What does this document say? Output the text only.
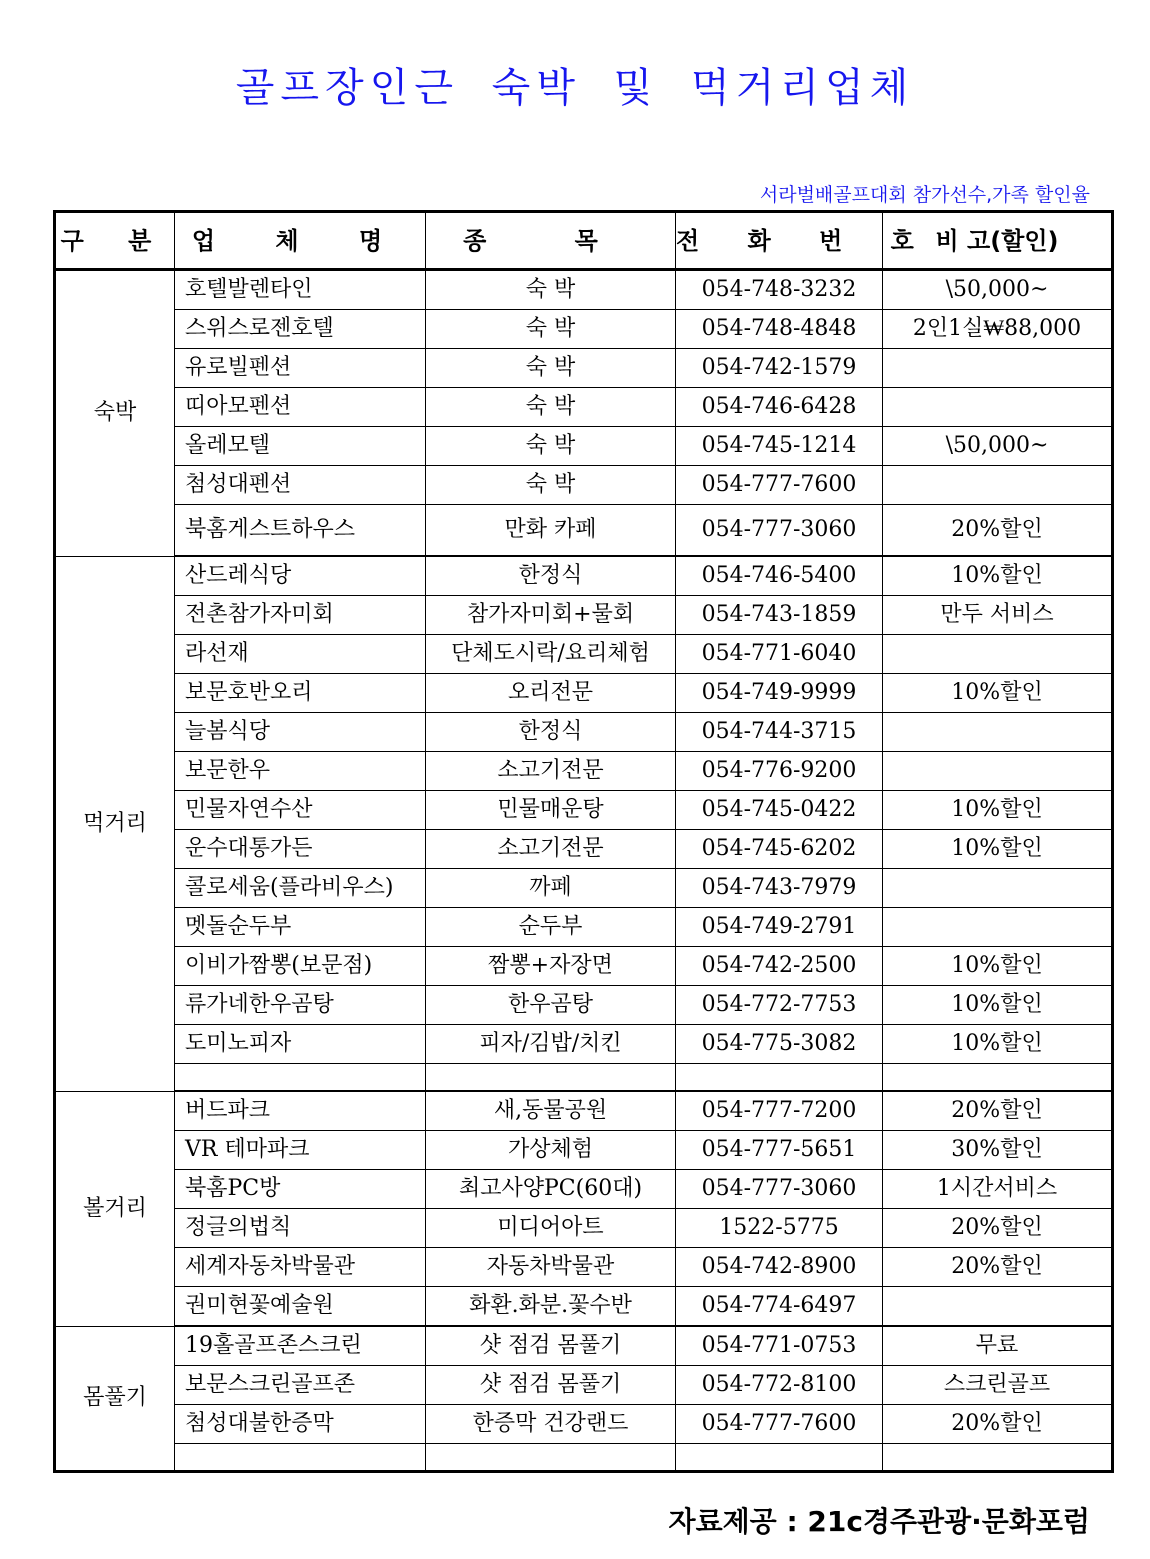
골프장인근 숙박 및 먹거리업체
서라벌배골프대회 참가선수,가족 할인율
구 분	업 체 명	종 목	전 화 번 호	비 고(할인)
숙박	호텔발렌타인	숙 박	054-748-3232	\50,000~
	스위스로젠호텔	숙 박	054-748-4848	2인1실₩88,000
	유로빌펜션	숙 박	054-742-1579	
	띠아모펜션	숙 박	054-746-6428	
	올레모텔	숙 박	054-745-1214	\50,000~
	첨성대펜션	숙 박	054-777-7600	
	북홈게스트하우스	만화 카페	054-777-3060	20%할인
먹거리	산드레식당	한정식	054-746-5400	10%할인
	전촌참가자미회	참가자미회+물회	054-743-1859	만두 서비스
	라선재	단체도시락/요리체험	054-771-6040	
	보문호반오리	오리전문	054-749-9999	10%할인
	늘봄식당	한정식	054-744-3715	
	보문한우	소고기전문	054-776-9200	
	민물자연수산	민물매운탕	054-745-0422	10%할인
	운수대통가든	소고기전문	054-745-6202	10%할인
	콜로세움(플라비우스)	까페	054-743-7979	
	멧돌순두부	순두부	054-749-2791	
	이비가짬뽕(보문점)	짬뽕+자장면	054-742-2500	10%할인
	류가네한우곰탕	한우곰탕	054-772-7753	10%할인
	도미노피자	피자/김밥/치킨	054-775-3082	10%할인

볼거리	버드파크	새,동물공원	054-777-7200	20%할인
	VR 테마파크	가상체험	054-777-5651	30%할인
	북홈PC방	최고사양PC(60대)	054-777-3060	1시간서비스
	정글의법칙	미디어아트	1522-5775	20%할인
	세계자동차박물관	자동차박물관	054-742-8900	20%할인
	권미현꽃예술원	화환.화분.꽃수반	054-774-6497	
몸풀기	19홀골프존스크린	샷 점검 몸풀기	054-771-0753	무료
	보문스크린골프존	샷 점검 몸풀기	054-772-8100	스크린골프
	첨성대불한증막	한증막 건강랜드	054-777-7600	20%할인

자료제공 : 21c경주관광·문화포럼
